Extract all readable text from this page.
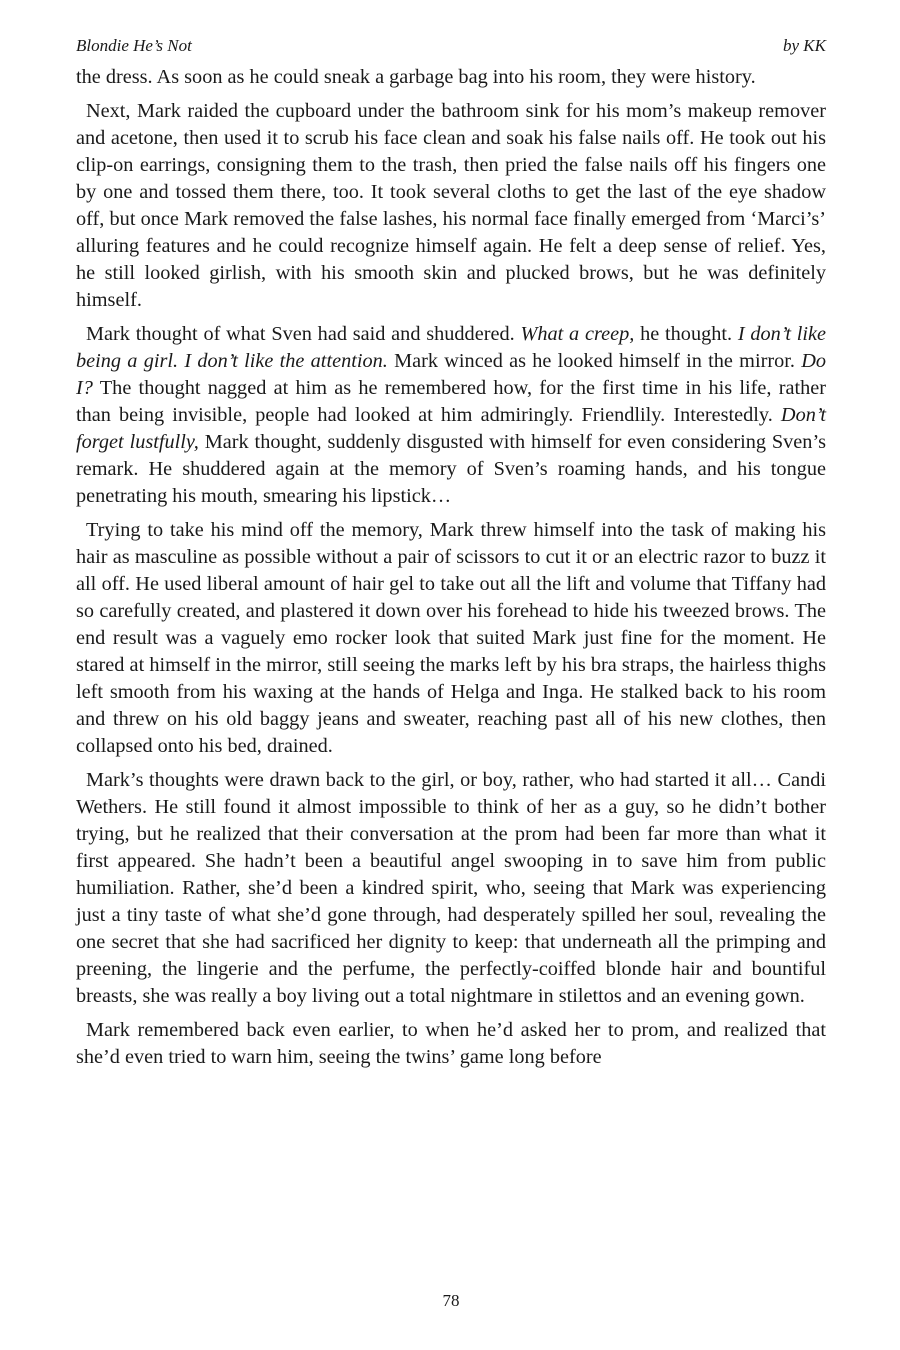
Blondie He’s Not	by KK

the dress. As soon as he could sneak a garbage bag into his room, they were history.

Next, Mark raided the cupboard under the bathroom sink for his mom’s makeup remover and acetone, then used it to scrub his face clean and soak his false nails off. He took out his clip-on earrings, consigning them to the trash, then pried the false nails off his fingers one by one and tossed them there, too. It took several cloths to get the last of the eye shadow off, but once Mark removed the false lashes, his normal face finally emerged from ‘Marci’s’ alluring features and he could recognize himself again. He felt a deep sense of relief. Yes, he still looked girlish, with his smooth skin and plucked brows, but he was definitely himself.

Mark thought of what Sven had said and shuddered. What a creep, he thought. I don’t like being a girl. I don’t like the attention. Mark winced as he looked himself in the mirror. Do I? The thought nagged at him as he remembered how, for the first time in his life, rather than being invisible, people had looked at him admiringly. Friendlily. Interestedly. Don’t forget lustfully, Mark thought, suddenly disgusted with himself for even considering Sven’s remark. He shuddered again at the memory of Sven’s roaming hands, and his tongue penetrating his mouth, smearing his lipstick…

Trying to take his mind off the memory, Mark threw himself into the task of making his hair as masculine as possible without a pair of scissors to cut it or an electric razor to buzz it all off. He used liberal amount of hair gel to take out all the lift and volume that Tiffany had so carefully created, and plastered it down over his forehead to hide his tweezed brows. The end result was a vaguely emo rocker look that suited Mark just fine for the moment. He stared at himself in the mirror, still seeing the marks left by his bra straps, the hairless thighs left smooth from his waxing at the hands of Helga and Inga. He stalked back to his room and threw on his old baggy jeans and sweater, reaching past all of his new clothes, then collapsed onto his bed, drained.

Mark’s thoughts were drawn back to the girl, or boy, rather, who had started it all… Candi Wethers. He still found it almost impossible to think of her as a guy, so he didn’t bother trying, but he realized that their conversation at the prom had been far more than what it first appeared. She hadn’t been a beautiful angel swooping in to save him from public humiliation. Rather, she’d been a kindred spirit, who, seeing that Mark was experiencing just a tiny taste of what she’d gone through, had desperately spilled her soul, revealing the one secret that she had sacrificed her dignity to keep: that underneath all the primping and preening, the lingerie and the perfume, the perfectly-coiffed blonde hair and bountiful breasts, she was really a boy living out a total nightmare in stilettos and an evening gown.

Mark remembered back even earlier, to when he’d asked her to prom, and realized that she’d even tried to warn him, seeing the twins’ game long before

78
